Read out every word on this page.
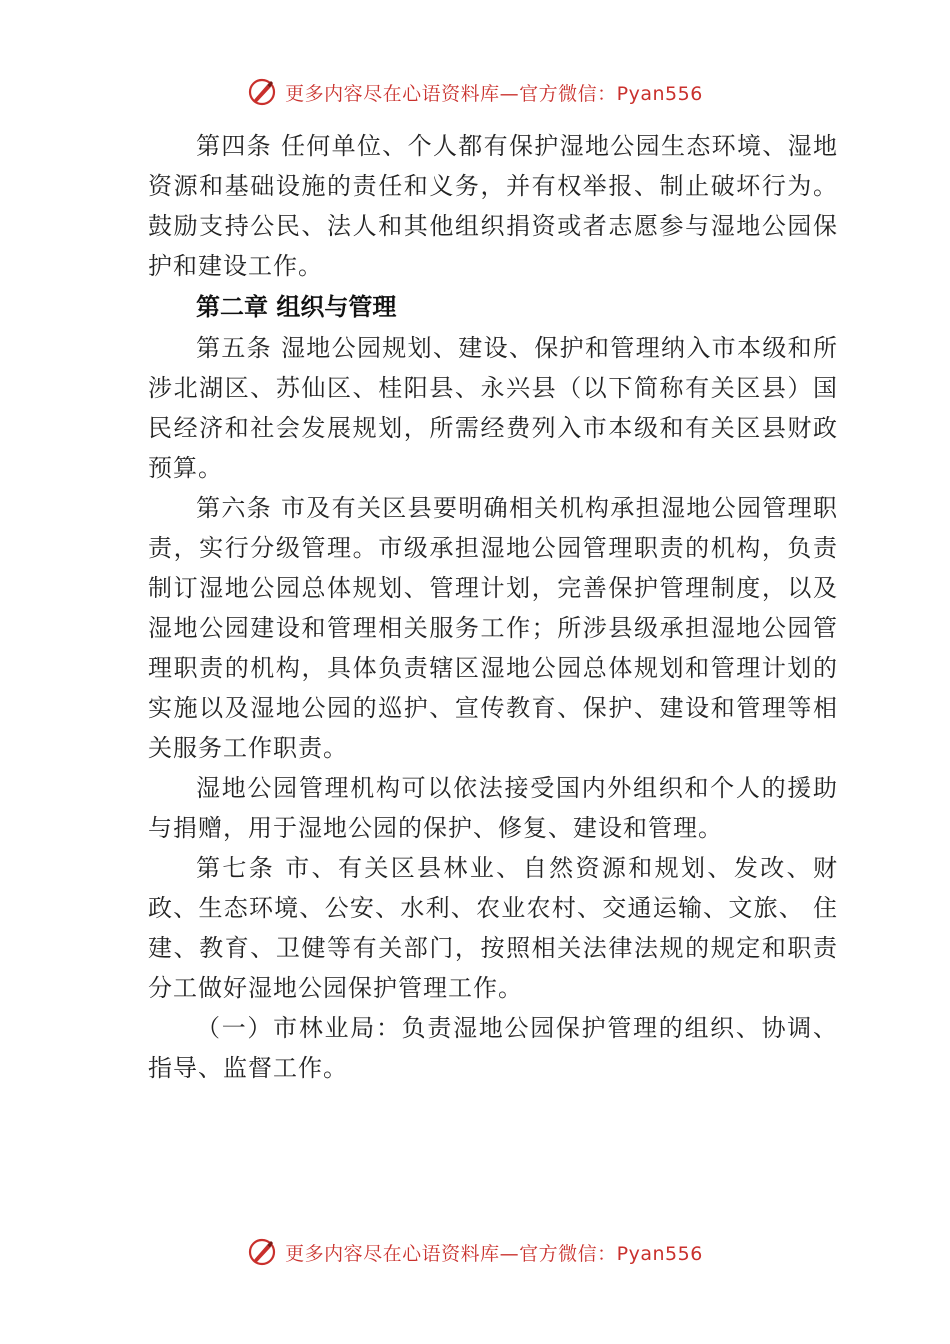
更多内容尽在心语资料库—官方微信：Pyan556

第四条 任何单位、个人都有保护湿地公​园生态环境、湿地资源和基础设施的责任和义务，并有权举报、制止破坏行为。鼓励支持公民、法人和其他组织捐资或者志愿参与湿地公​园保护和建设工作。

第二章 组织与管理

第五条 湿地公​园规划、建设、保护和管理纳入市本级和所涉北湖区、苏仙区、桂阳县、永兴县（以下简称有关区县）国民经济和社会发展规划，所需经费列入市本级和有关区县财政预算。

第六条 市及有关区县要明确相关机构承担湿地公​园管理职责，实行分级管理。市级承担湿地公​园管理职责的机构，负责制订湿地公​园总体规划、管理计划，完善保护管理制度，以及湿地公​园建设和管理相关服务工作；所涉县级承担湿地公​园管理职责的机构，具体负责辖区湿地公​园总体规划和管理计划的实施以及湿地公​园的巡护、宣传教育、保护、建设和管理等相关服务工作职责。

湿地公​园管理机构可以依法接受国内外组织和个人的援助与捐赠，用于湿地公​园的保护、修复、建设和管理。

第七条 市、有关区县林业、自然资源和规划、发改、财政、生态环境、公安、水利、农业农村、交通运输、文旅、 住建、教育、卫健等有关部门，按照相关法律法规的规定和职责分工做好湿地公​园保护管理工作。

（一）市林业局：负责湿地公​园保护管理的组织、协调、指导、监督工作。

更多内容尽在心语资料库—官方微信：Pyan556
